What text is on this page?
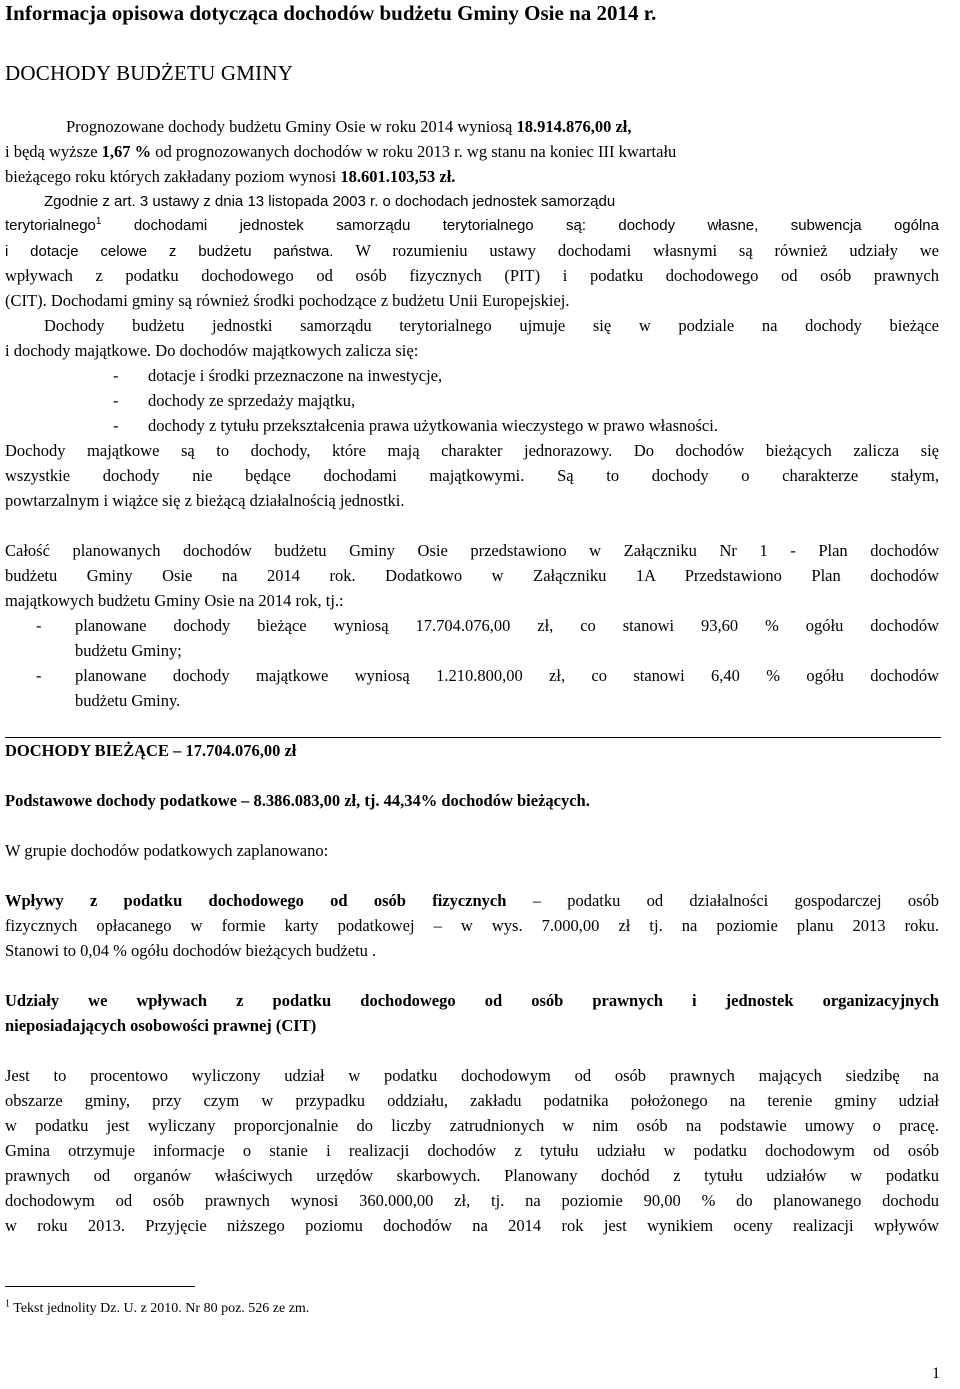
Informacja opisowa dotycząca dochodów budżetu Gminy Osie na 2014 r.
DOCHODY BUDŻETU GMINY
Prognozowane dochody budżetu Gminy Osie w roku 2014 wyniosą 18.914.876,00 zł,
i będą wyższe 1,67 % od prognozowanych dochodów w roku 2013 r. wg stanu na koniec III kwartału
bieżącego roku których zakładany poziom wynosi 18.601.103,53 zł.
Zgodnie z art. 3 ustawy z dnia 13 listopada 2003 r. o dochodach jednostek samorządu
terytorialnego$^1$ dochodami jednostek samorządu terytorialnego są: dochody własne, subwencja ogólna
i dotacje celowe z budżetu państwa. W rozumieniu ustawy dochodami własnymi są również udziały we
wpływach z podatku dochodowego od osób fizycznych (PIT) i podatku dochodowego od osób prawnych
(CIT). Dochodami gminy są również środki pochodzące z budżetu Unii Europejskiej.
Dochody budżetu jednostki samorządu terytorialnego ujmuje się w podziale na dochody bieżące
i dochody majątkowe. Do dochodów majątkowych zalicza się:
-	dotacje i środki przeznaczone na inwestycje,
-	dochody ze sprzedaży majątku,
-	dochody z tytułu przekształcenia prawa użytkowania wieczystego w prawo własności.
Dochody majątkowe są to dochody, które mają charakter jednorazowy. Do dochodów bieżących zalicza się
wszystkie dochody nie będące dochodami majątkowymi. Są to dochody o charakterze stałym,
powtarzalnym i wiążce się z bieżącą działalnością jednostki.
Całość planowanych dochodów budżetu Gminy Osie przedstawiono w Załączniku Nr 1 - Plan dochodów
budżetu Gminy Osie na 2014 rok. Dodatkowo w Załączniku 1A Przedstawiono Plan dochodów
majątkowych budżetu Gminy Osie na 2014 rok, tj.:
-	planowane dochody bieżące wyniosą 17.704.076,00 zł, co stanowi 93,60 % ogółu dochodów
budżetu Gminy;
-	planowane dochody majątkowe wyniosą 1.210.800,00 zł, co stanowi 6,40 % ogółu dochodów
budżetu Gminy.
DOCHODY BIEŻĄCE – 17.704.076,00 zł
Podstawowe dochody podatkowe – 8.386.083,00 zł, tj. 44,34% dochodów bieżących.
W grupie dochodów podatkowych zaplanowano:
Wpływy z podatku dochodowego od osób fizycznych – podatku od działalności gospodarczej osób
fizycznych opłacanego w formie karty podatkowej – w wys. 7.000,00 zł tj. na poziomie planu 2013 roku.
Stanowi to 0,04 % ogółu dochodów bieżących budżetu .
Udziały we wpływach z podatku dochodowego od osób prawnych i jednostek organizacyjnych
nieposiadających osobowości prawnej (CIT)
Jest to procentowo wyliczony udział w podatku dochodowym od osób prawnych mających siedzibę na
obszarze gminy, przy czym w przypadku oddziału, zakładu podatnika położonego na terenie gminy udział
w podatku jest wyliczany proporcjonalnie do liczby zatrudnionych w nim osób na podstawie umowy o pracę.
Gmina otrzymuje informacje o stanie i realizacji dochodów z tytułu udziału w podatku dochodowym od osób
prawnych od organów właściwych urzędów skarbowych. Planowany dochód z tytułu udziałów w podatku
dochodowym od osób prawnych wynosi 360.000,00 zł, tj. na poziomie 90,00 % do planowanego dochodu
w roku 2013. Przyjęcie niższego poziomu dochodów na 2014 rok jest wynikiem oceny realizacji wpływów
$^1$ Tekst jednolity Dz. U. z 2010. Nr 80 poz. 526 ze zm.
1
